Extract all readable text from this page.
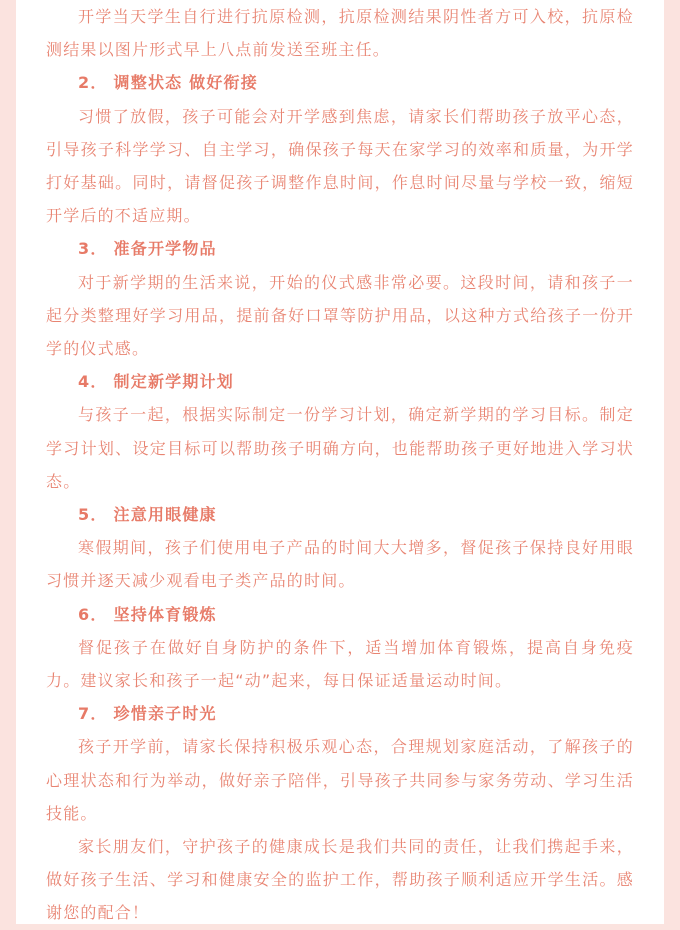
开学当天学生自行进行抗原检测，抗原检测结果阴性者方可入校，抗原检测结果以图片形式早上八点前发送至班主任。

2． 调整状态 做好衔接

习惯了放假，孩子可能会对开学感到焦虑，请家长们帮助孩子放平心态，引导孩子科学学习、自主学习，确保孩子每天在家学习的效率和质量，为开学打好基础。同时，请督促孩子调整作息时间，作息时间尽量与学校一致，缩短开学后的不适应期。

3． 准备开学物品

对于新学期的生活来说，开始的仪式感非常必要。这段时间，请和孩子一起分类整理好学习用品，提前备好口罩等防护用品，以这种方式给孩子一份开学的仪式感。

4． 制定新学期计划

与孩子一起，根据实际制定一份学习计划，确定新学期的学习目标。制定学习计划、设定目标可以帮助孩子明确方向，也能帮助孩子更好地进入学习状态。

5． 注意用眼健康

寒假期间，孩子们使用电子产品的时间大大增多，督促孩子保持良好用眼习惯并逐天减少观看电子类产品的时间。

6． 坚持体育锻炼

督促孩子在做好自身防护的条件下，适当增加体育锻炼，提高自身免疫力。建议家长和孩子一起“动”起来，每日保证适量运动时间。

7． 珍惜亲子时光

孩子开学前，请家长保持积极乐观心态，合理规划家庭活动，了解孩子的心理状态和行为举动，做好亲子陪伴，引导孩子共同参与家务劳动、学习生活技能。

家长朋友们，守护孩子的健康成长是我们共同的责任，让我们携起手来，做好孩子生活、学习和健康安全的监护工作，帮助孩子顺利适应开学生活。感谢您的配合！
